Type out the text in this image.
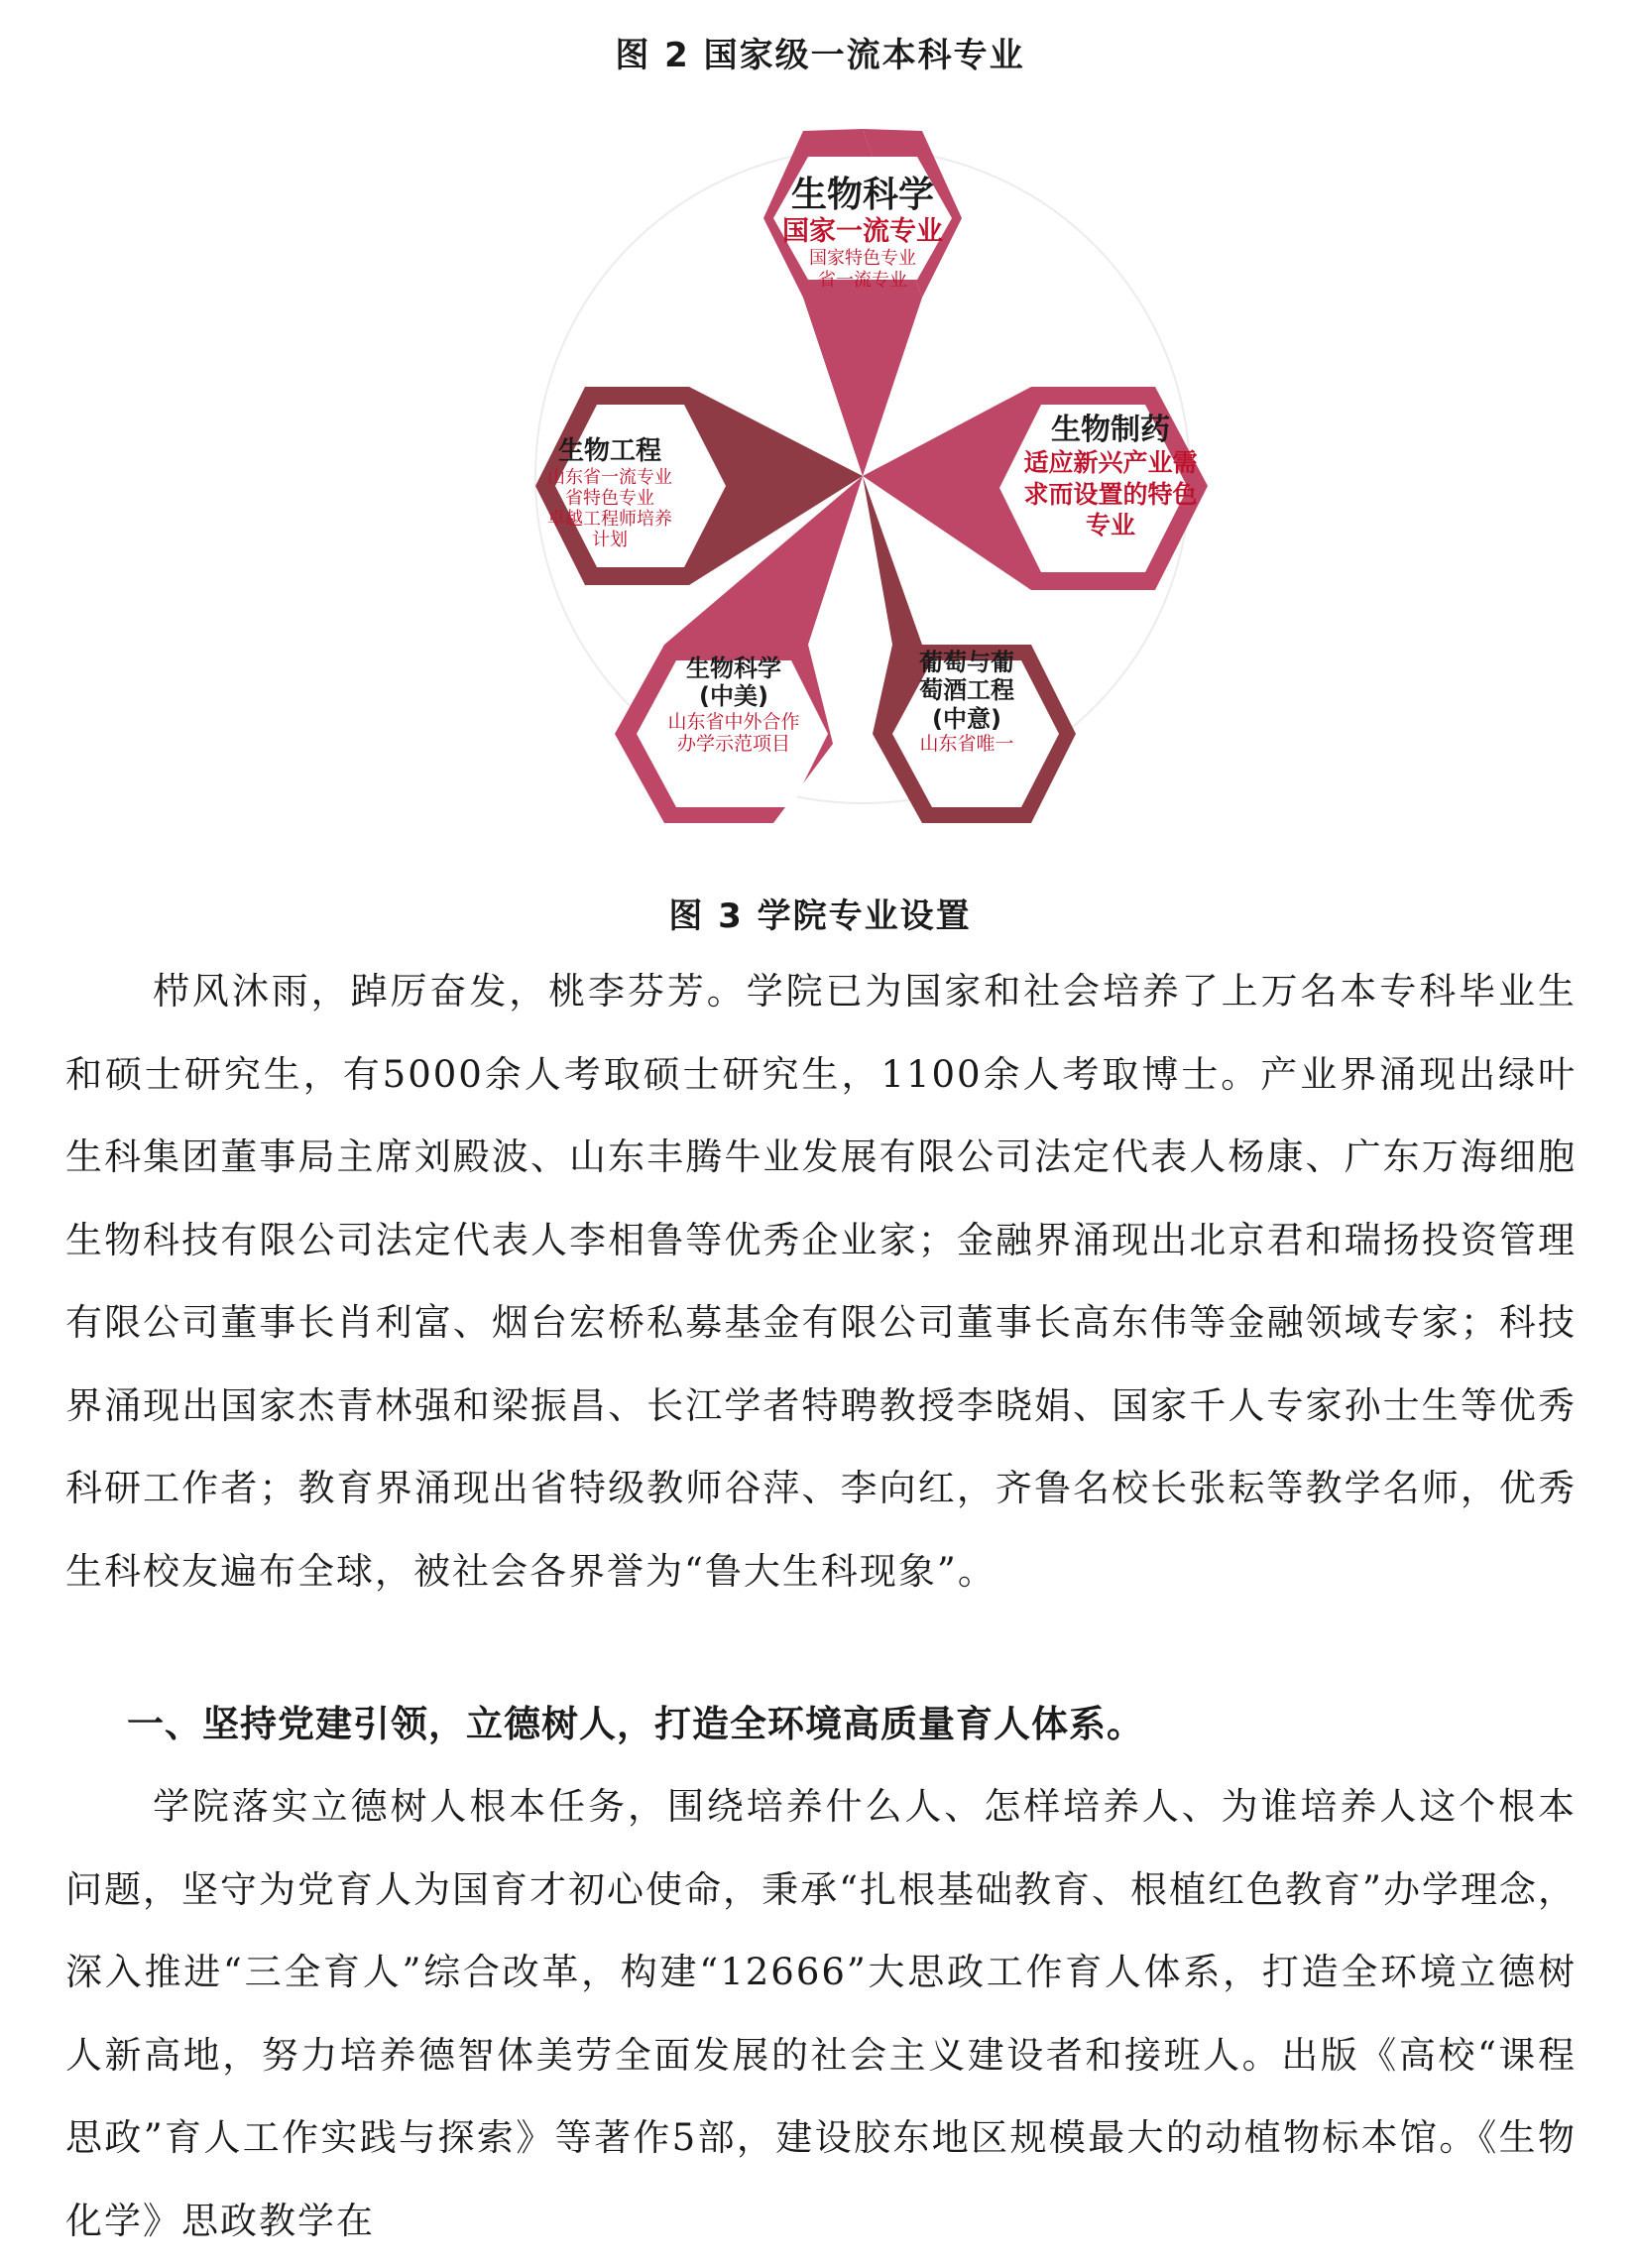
图 2 国家级一流本科专业
生物科学
国家一流专业
国家特色专业
省一流专业
生物制药
适应新兴产业需
求而设置的特色
专业
生物工程
山东省一流专业
省特色专业
卓越工程师培养
计划
生物科学
(中美)
山东省中外合作
办学示范项目
葡萄与葡
萄酒工程
(中意)
山东省唯一
图 3 学院专业设置
栉风沐雨，踔厉奋发，桃李芬芳。学院已为国家和社会培养了上万名本专科毕业生和硕士研究生，有5000余人考取硕士研究生，1100余人考取博士。产业界涌现出绿叶生科集团董事局主席刘殿波、山东丰腾牛业发展有限公司法定代表人杨康、广东万海细胞生物科技有限公司法定代表人李相鲁等优秀企业家；金融界涌现出北京君和瑞扬投资管理有限公司董事长肖利富、烟台宏桥私募基金有限公司董事长高东伟等金融领域专家；科技界涌现出国家杰青林强和梁振昌、长江学者特聘教授李晓娟、国家千人专家孙士生等优秀科研工作者；教育界涌现出省特级教师谷萍、李向红，齐鲁名校长张耘等教学名师，优秀生科校友遍布全球，被社会各界誉为“鲁大生科现象”。
一、坚持党建引领，立德树人，打造全环境高质量育人体系。
学院落实立德树人根本任务，围绕培养什么人、怎样培养人、为谁培养人这个根本问题，坚守为党育人为国育才初心使命，秉承“扎根基础教育、根植红色教育”办学理念，深入推进“三全育人”综合改革，构建“12666”大思政工作育人体系，打造全环境立德树人新高地，努力培养德智体美劳全面发展的社会主义建设者和接班人。出版《高校“课程思政”育人工作实践与探索》等著作5部，建设胶东地区规模最大的动植物标本馆。《生物化学》思政教学在
